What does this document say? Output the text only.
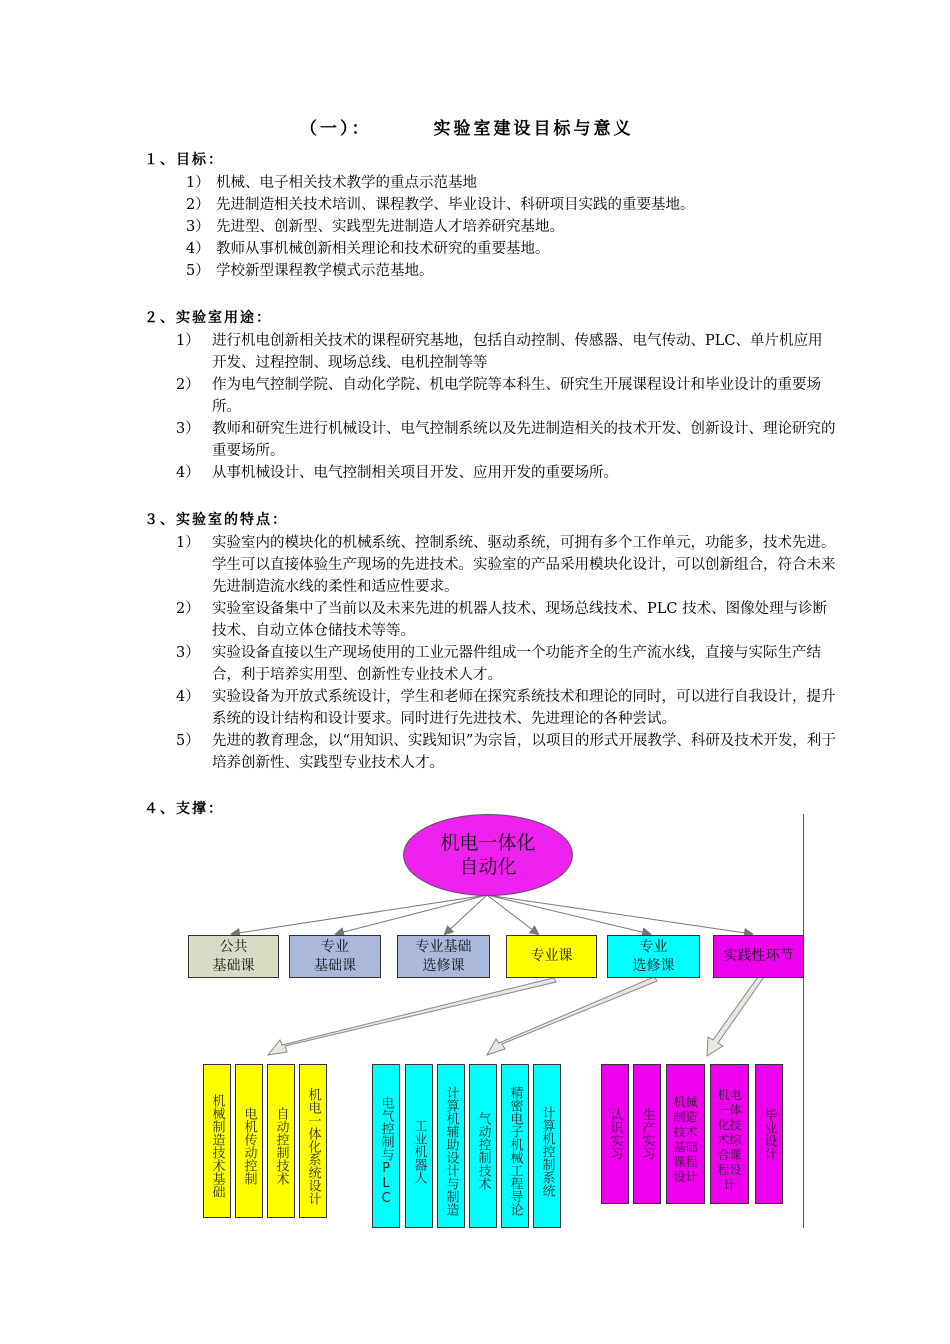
（一）：	实验室建设目标与意义
１、目标：
1） 机械、电子相关技术教学的重点示范基地
2） 先进制造相关技术培训、课程教学、毕业设计、科研项目实践的重要基地。
3） 先进型、创新型、实践型先进制造人才培养研究基地。
4） 教师从事机械创新相关理论和技术研究的重要基地。
5） 学校新型课程教学模式示范基地。
２、实验室用途：
1） 进行机电创新相关技术的课程研究基地，包括自动控制、传感器、电气传动、PLC、单片机应用开发、过程控制、现场总线、电机控制等等
2） 作为电气控制学院、自动化学院、机电学院等本科生、研究生开展课程设计和毕业设计的重要场所。
3） 教师和研究生进行机械设计、电气控制系统以及先进制造相关的技术开发、创新设计、理论研究的重要场所。
4） 从事机械设计、电气控制相关项目开发、应用开发的重要场所。
３、实验室的特点：
1） 实验室内的模块化的机械系统、控制系统、驱动系统，可拥有多个工作单元，功能多，技术先进。学生可以直接体验生产现场的先进技术。实验室的产品采用模块化设计，可以创新组合，符合未来先进制造流水线的柔性和适应性要求。
2） 实验室设备集中了当前以及未来先进的机器人技术、现场总线技术、PLC 技术、图像处理与诊断技术、自动立体仓储技术等等。
3） 实验设备直接以生产现场使用的工业元器件组成一个功能齐全的生产流水线，直接与实际生产结合，利于培养实用型、创新性专业技术人才。
4） 实验设备为开放式系统设计，学生和老师在探究系统技术和理论的同时，可以进行自我设计，提升系统的设计结构和设计要求。同时进行先进技术、先进理论的各种尝试。
5） 先进的教育理念，以“用知识、实践知识”为宗旨，以项目的形式开展教学、科研及技术开发，利于培养创新性、实践型专业技术人才。
４、支撑：
机电一体化
自动化
公共
基础课
专业
基础课
专业基础
选修课
专业课
专业
选修课
实践性环节
机械制造技术基础 电机传动控制 自动控制技术 机电一体化系统设计	电气控制与PLC 工业机器人 计算机辅助设计与制造 气动控制技术 精密电子机械工程导论 计算机控制系统	认识实习 生产实习
机械制造技术基础课程设计
机电一体化技术综合课程设计
毕业设计
